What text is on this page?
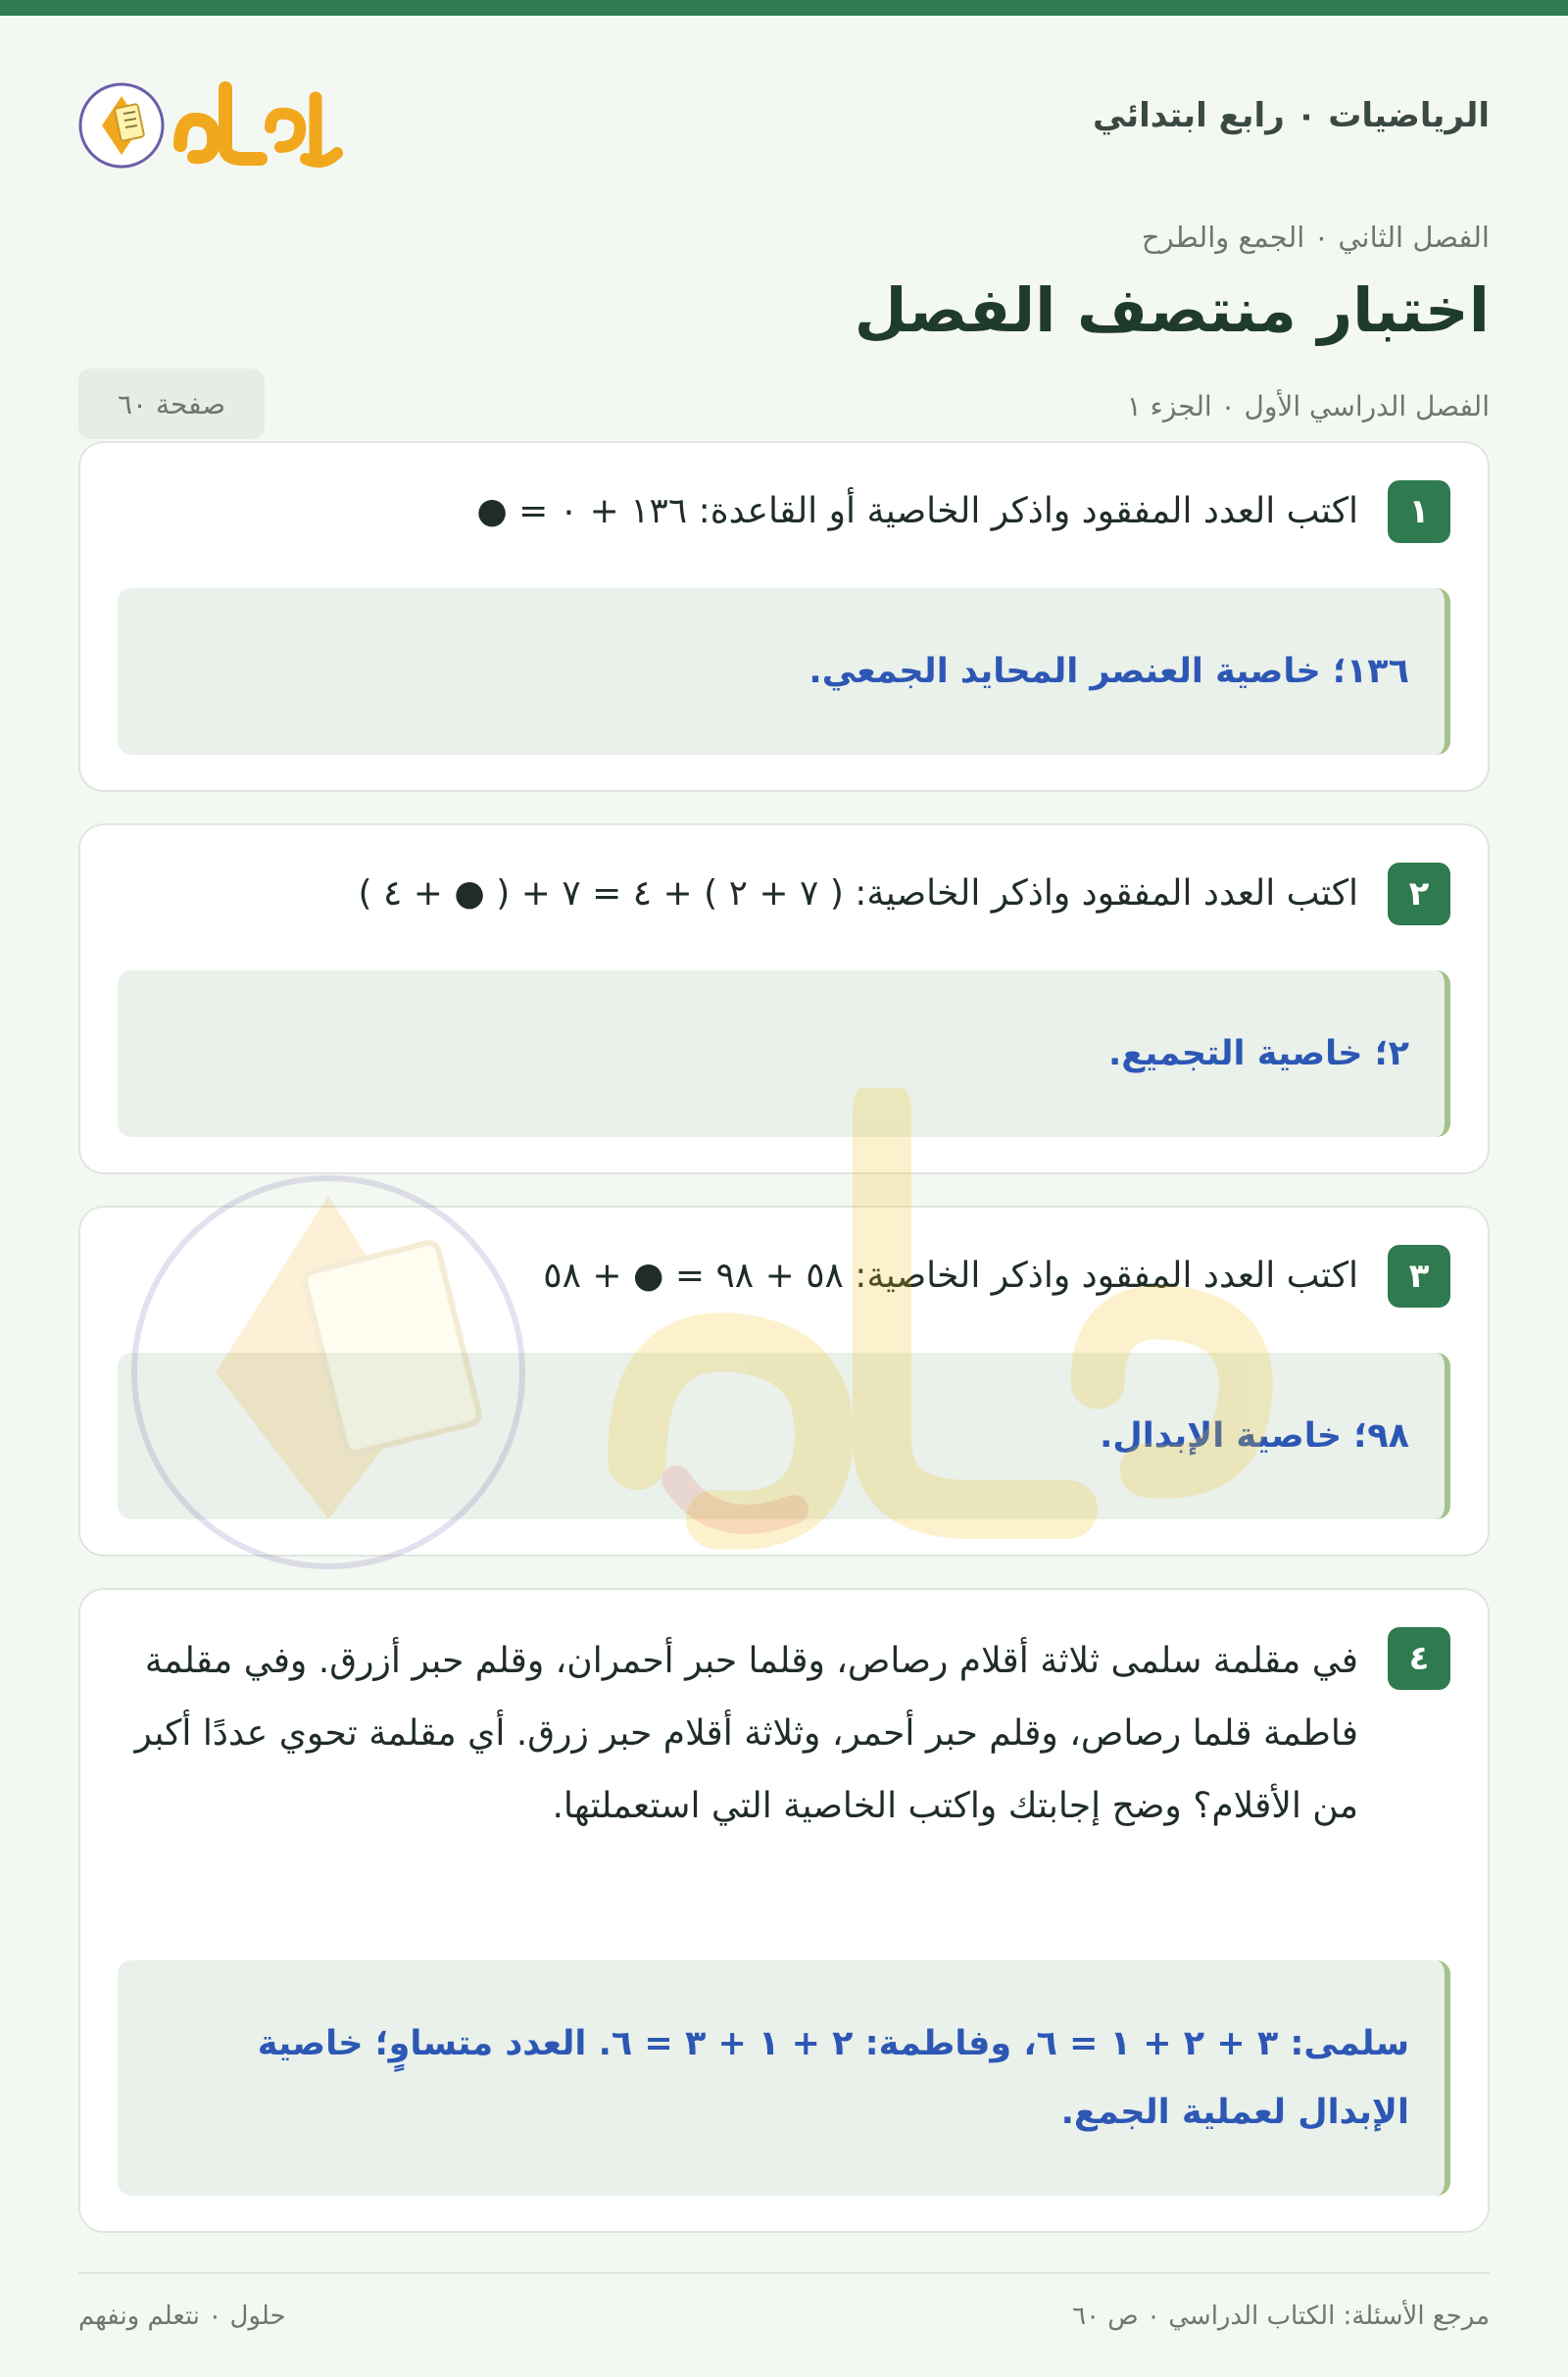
الرياضيات ٠ رابع ابتدائي
الفصل الثاني ٠ الجمع والطرح
اختبار منتصف الفصل
الفصل الدراسي الأول ٠ الجزء ١
صفحة ٦٠
١
اكتب العدد المفقود واذكر الخاصية أو القاعدة: ١٣٦ + ٠ = ●
١٣٦؛ خاصية العنصر المحايد الجمعي.
٢
اكتب العدد المفقود واذكر الخاصية: ( ٧ + ٢ ) + ٤ = ٧ + ( ● + ٤ )
٢؛ خاصية التجميع.
٣
اكتب العدد المفقود واذكر الخاصية: ٥٨ + ٩٨ = ● + ٥٨
٩٨؛ خاصية الإبدال.
٤
في مقلمة سلمى ثلاثة أقلام رصاص، وقلما حبر أحمران، وقلم حبر أزرق. وفي مقلمة فاطمة قلما رصاص، وقلم حبر أحمر، وثلاثة أقلام حبر زرق. أي مقلمة تحوي عددًا أكبر من الأقلام؟ وضح إجابتك واكتب الخاصية التي استعملتها.
سلمى: ٣ + ٢ + ١ = ٦، وفاطمة: ٢ + ١ + ٣ = ٦. العدد متساوٍ؛ خاصية الإبدال لعملية الجمع.
مرجع الأسئلة: الكتاب الدراسي ٠ ص ٦٠
حلول ٠ نتعلم ونفهم
